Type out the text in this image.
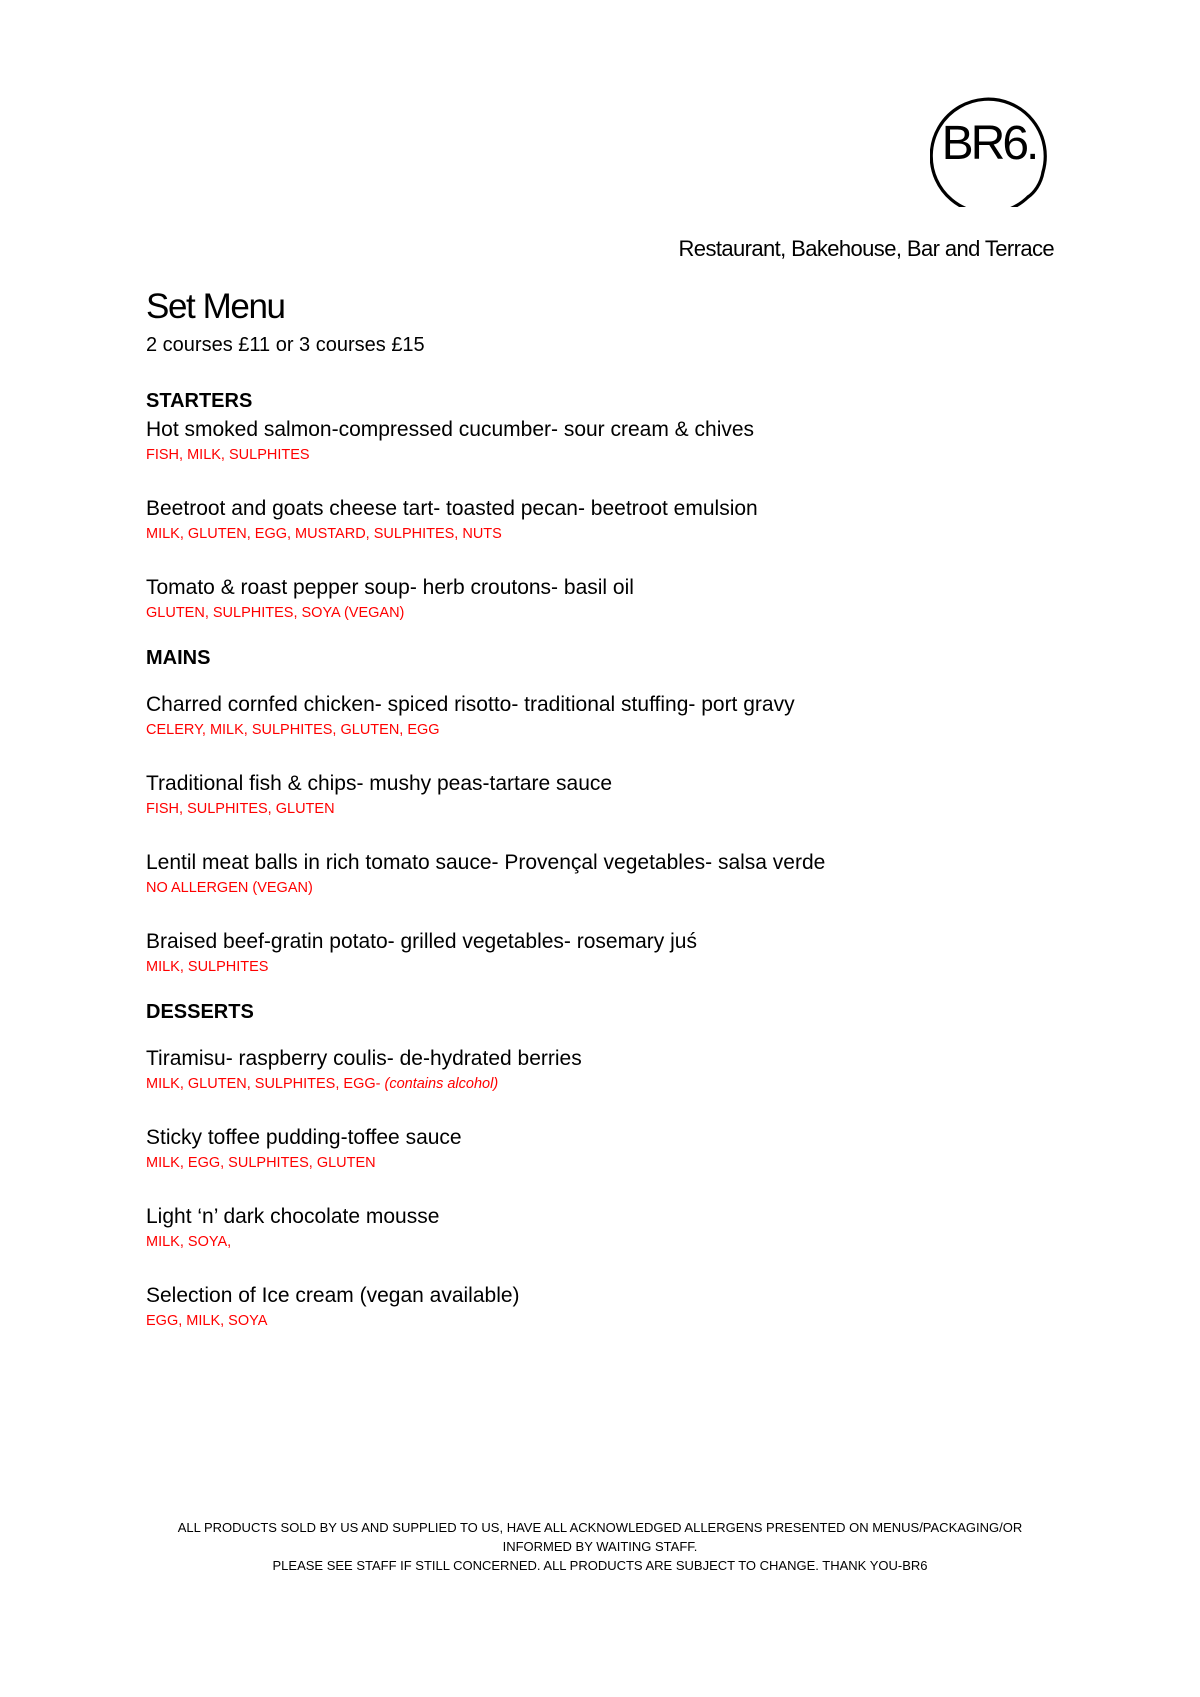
BR6.
Restaurant, Bakehouse, Bar and Terrace
Set Menu
2 courses £11 or 3 courses £15
STARTERS
Hot smoked salmon-compressed cucumber- sour cream & chives
FISH, MILK, SULPHITES
Beetroot and goats cheese tart- toasted pecan- beetroot emulsion
MILK, GLUTEN, EGG, MUSTARD, SULPHITES, NUTS
Tomato & roast pepper soup- herb croutons- basil oil
GLUTEN, SULPHITES, SOYA (VEGAN)
MAINS
Charred cornfed chicken- spiced risotto- traditional stuffing- port gravy
CELERY, MILK, SULPHITES, GLUTEN, EGG
Traditional fish & chips- mushy peas-tartare sauce
FISH, SULPHITES, GLUTEN
Lentil meat balls in rich tomato sauce- Provençal vegetables- salsa verde
NO ALLERGEN (VEGAN)
Braised beef-gratin potato- grilled vegetables- rosemary juś
MILK, SULPHITES
DESSERTS
Tiramisu- raspberry coulis- de-hydrated berries
MILK, GLUTEN, SULPHITES, EGG- (contains alcohol)
Sticky toffee pudding-toffee sauce
MILK, EGG, SULPHITES, GLUTEN
Light ‘n’ dark chocolate mousse
MILK, SOYA,
Selection of Ice cream (vegan available)
EGG, MILK, SOYA
ALL PRODUCTS SOLD BY US AND SUPPLIED TO US, HAVE ALL ACKNOWLEDGED ALLERGENS PRESENTED ON MENUS/PACKAGING/OR
INFORMED BY WAITING STAFF.
PLEASE SEE STAFF IF STILL CONCERNED. ALL PRODUCTS ARE SUBJECT TO CHANGE. THANK YOU-BR6
